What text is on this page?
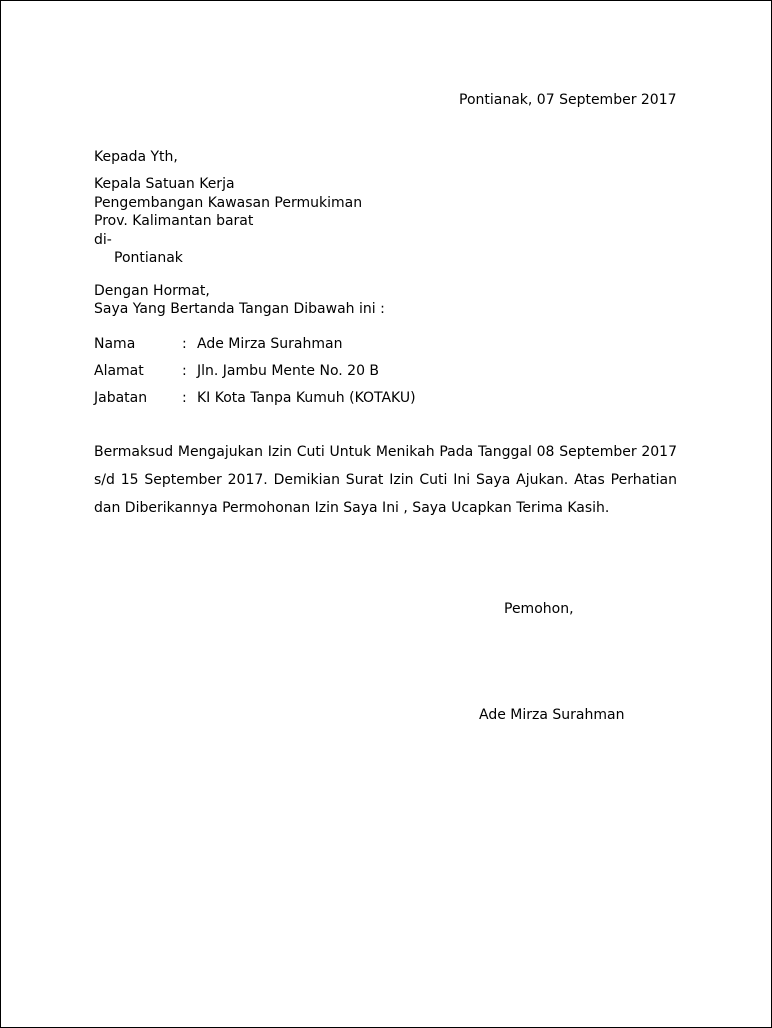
Pontianak, 07 September 2017
Kepada Yth,
Kepala Satuan Kerja
Pengembangan Kawasan Permukiman
Prov. Kalimantan barat
di-
Pontianak
Dengan Hormat,
Saya Yang Bertanda Tangan Dibawah ini :
Nama	: Ade Mirza Surahman
Alamat	: Jln. Jambu Mente No. 20 B
Jabatan : KI Kota Tanpa Kumuh (KOTAKU)
Bermaksud Mengajukan Izin Cuti Untuk Menikah Pada Tanggal 08 September 2017 s/d 15 September 2017. Demikian Surat Izin Cuti Ini Saya Ajukan. Atas Perhatian dan Diberikannya Permohonan Izin Saya Ini , Saya Ucapkan Terima Kasih.
Pemohon,
Ade Mirza Surahman
